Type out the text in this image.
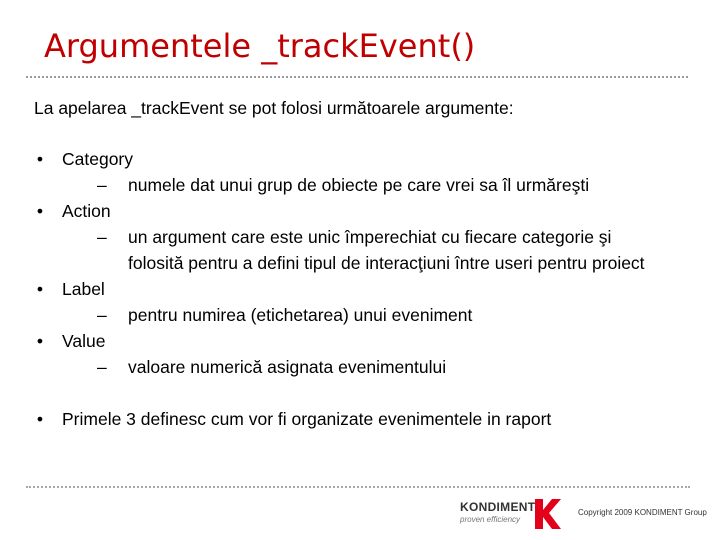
Argumentele _trackEvent()
La apelarea _trackEvent se pot folosi următoarele argumente:
• Category
– numele dat unui grup de obiecte pe care vrei sa îl urmăreşti
• Action
– un argument care este unic împerechiat cu fiecare categorie şi folosită pentru a defini tipul de interacţiuni între useri pentru proiect
• Label
– pentru numirea (etichetarea) unui eveniment
• Value
– valoare numerică asignata evenimentului
• Primele 3 definesc cum vor fi organizate evenimentele in raport
KONDIMENT
proven efficiency
Copyright 2009 KONDIMENT Group
